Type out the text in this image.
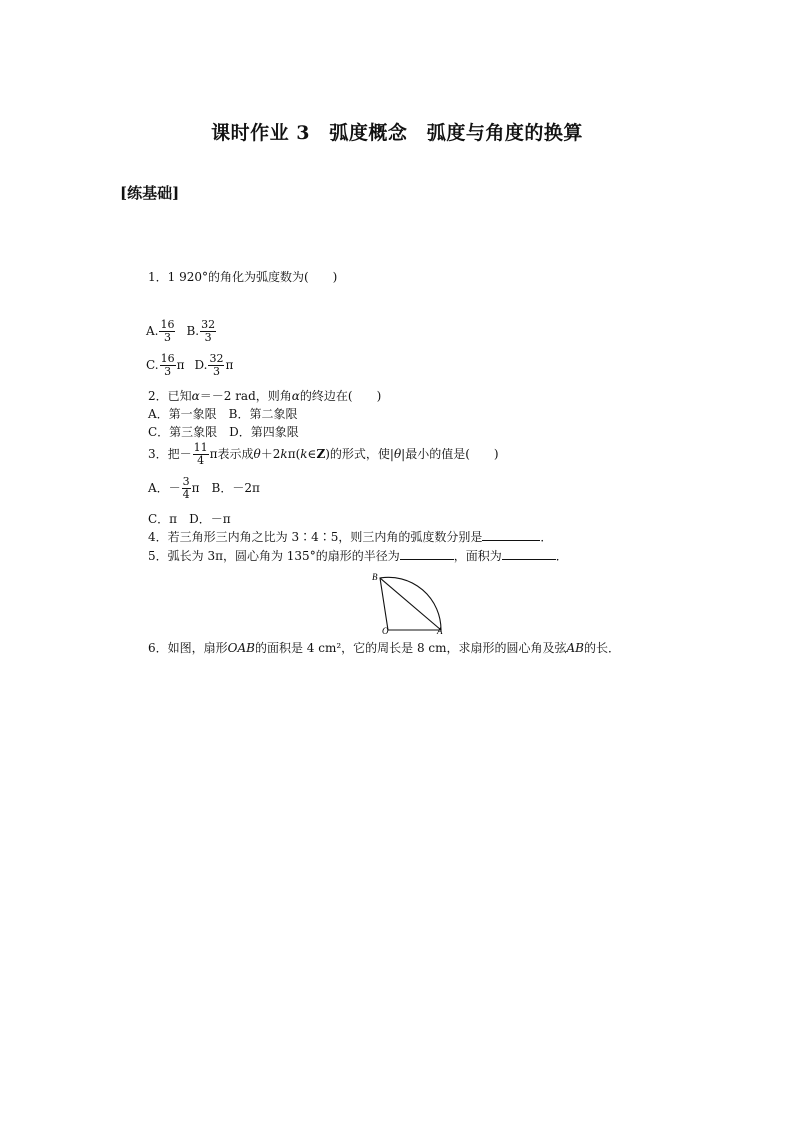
课时作业 3　弧度概念　弧度与角度的换算
[练基础]
1．1 920°的角化为弧度数为(　　)
A. $\frac{16}{3} B$. $\frac{32}{3}$
C. $\frac{16}{3}$ π D. $\frac{32}{3}$ π
2．已知α＝－2 rad，则角α的终边在(　　)
A．第一象限　B．第二象限
C．第三象限　D．第四象限
3．把－ $\frac{11}{4}$ π表示成 θ ＋2 k π( k ∈ Z )的形式，使| θ |最小的值是(　　)
A．－ $\frac{3}{4}$ π　B．－2π
C．π　D．－π
4．若三角形三内角之比为 3∶4∶5，则三内角的弧度数分别是	．
5．弧长为 3π，圆心角为 135°的扇形的半径为	，面积为	．
B
O	A
6．如图，扇形OAB的面积是 4 cm²，它的周长是 8 cm，求扇形的圆心角及弦AB的长．
